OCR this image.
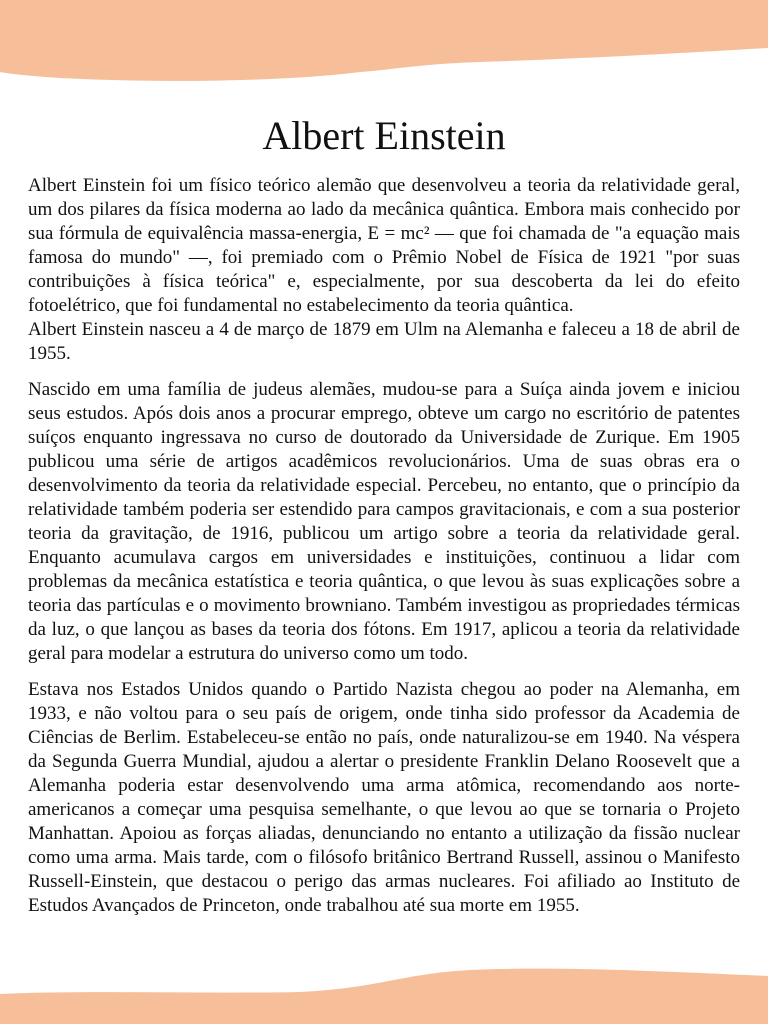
Albert Einstein

Albert Einstein foi um físico teórico alemão que desenvolveu a teoria da relatividade geral, um dos pilares da física moderna ao lado da mecânica quântica. Embora mais conhecido por sua fórmula de equivalência massa-energia, E = mc² — que foi chamada de "a equação mais famosa do mundo" —, foi premiado com o Prêmio Nobel de Física de 1921 "por suas contribuições à física teórica" e, especialmente, por sua descoberta da lei do efeito fotoelétrico, que foi fundamental no estabelecimento da teoria quântica.

Albert Einstein nasceu a 4 de março de 1879 em Ulm na Alemanha e faleceu a 18 de abril de 1955.

Nascido em uma família de judeus alemães, mudou-se para a Suíça ainda jovem e iniciou seus estudos. Após dois anos a procurar emprego, obteve um cargo no escritório de patentes suíços enquanto ingressava no curso de doutorado da Universidade de Zurique. Em 1905 publicou uma série de artigos acadêmicos revolucionários. Uma de suas obras era o desenvolvimento da teoria da relatividade especial. Percebeu, no entanto, que o princípio da relatividade também poderia ser estendido para campos gravitacionais, e com a sua posterior teoria da gravitação, de 1916, publicou um artigo sobre a teoria da relatividade geral. Enquanto acumulava cargos em universidades e instituições, continuou a lidar com problemas da mecânica estatística e teoria quântica, o que levou às suas explicações sobre a teoria das partículas e o movimento browniano. Também investigou as propriedades térmicas da luz, o que lançou as bases da teoria dos fótons. Em 1917, aplicou a teoria da relatividade geral para modelar a estrutura do universo como um todo.

Estava nos Estados Unidos quando o Partido Nazista chegou ao poder na Alemanha, em 1933, e não voltou para o seu país de origem, onde tinha sido professor da Academia de Ciências de Berlim. Estabeleceu-se então no país, onde naturalizou-se em 1940. Na véspera da Segunda Guerra Mundial, ajudou a alertar o presidente Franklin Delano Roosevelt que a Alemanha poderia estar desenvolvendo uma arma atômica, recomendando aos norte-americanos a começar uma pesquisa semelhante, o que levou ao que se tornaria o Projeto Manhattan. Apoiou as forças aliadas, denunciando no entanto a utilização da fissão nuclear como uma arma. Mais tarde, com o filósofo britânico Bertrand Russell, assinou o Manifesto Russell-Einstein, que destacou o perigo das armas nucleares. Foi afiliado ao Instituto de Estudos Avançados de Princeton, onde trabalhou até sua morte em 1955.
